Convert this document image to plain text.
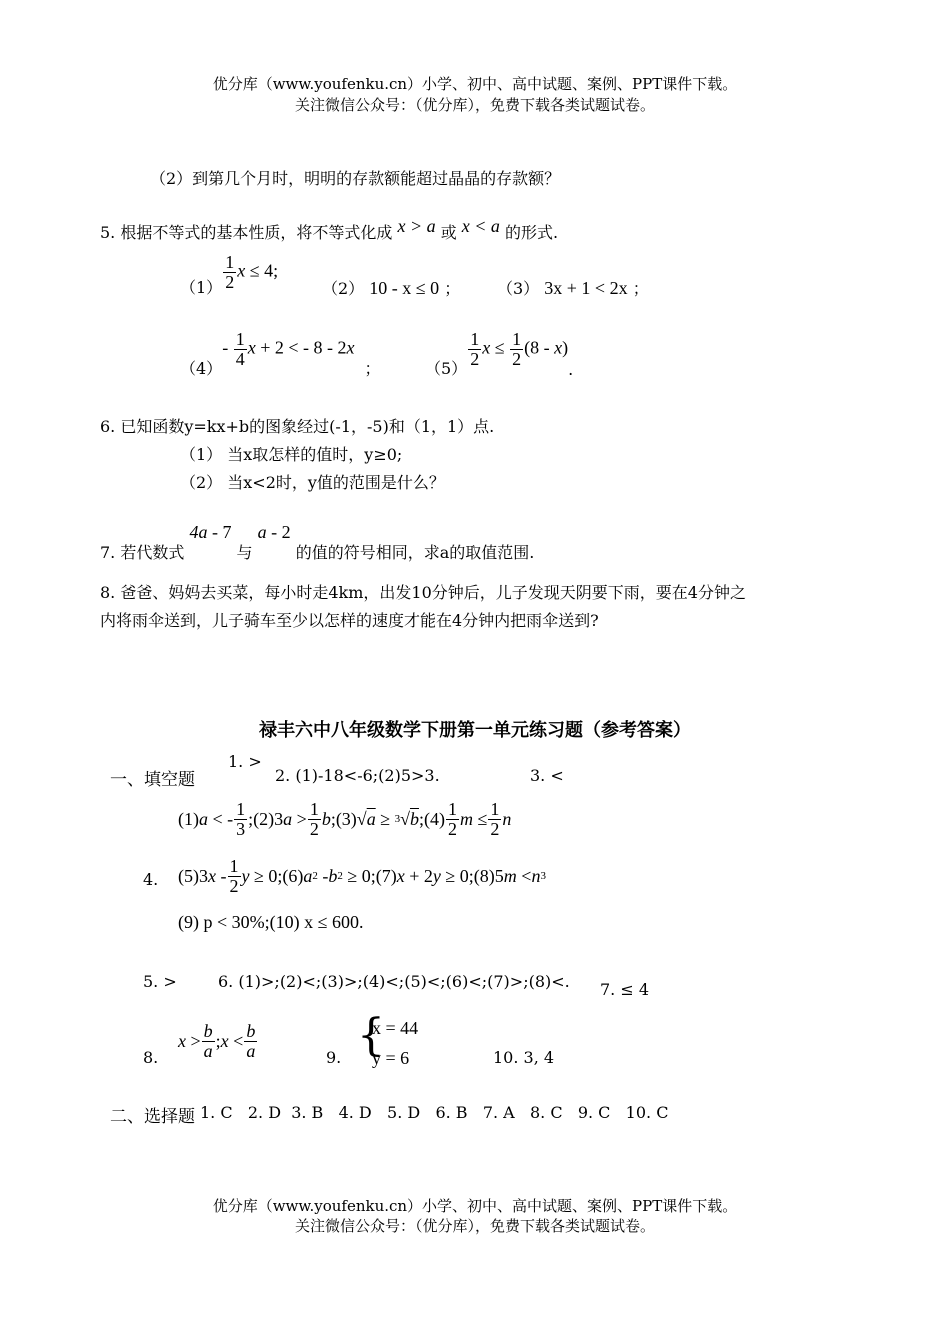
优分库（www.youfenku.cn）小学、初中、高中试题、案例、PPT课件下载。
关注微信公众号：（优分库），免费下载各类试题试卷。
（2）到第几个月时，明明的存款额能超过晶晶的存款额？
5. 根据不等式的基本性质，将不等式化成 x > a 或 x < a 的形式.
$(1) \frac{1}{2}$ x ≤ 4;
（2） 10 - x ≤ 0 ； （3） 3x + 1 < 2x ；
（4）
- $\frac{1}{4}$ x + 2 < - 8 - 2x
；	$(5) \frac{1}{2}$ $x \le \frac{1}{2} (8 - x)$
.
6. 已知函数y=kx+b的图象经过(-1，-5)和（1，1）点.
（1） 当x取怎样的值时，y≥0;
（2） 当x<2时，y值的范围是什么？
7. 若代数式 4a - 7 与 a - 2 的值的符号相同，求a的取值范围.
8. 爸爸、妈妈去买菜，每小时走4km，出发10分钟后，儿子发现天阴要下雨，要在4分钟之
内将雨伞送到，儿子骑车至少以怎样的速度才能在4分钟内把雨伞送到?
禄丰六中八年级数学下册第一单元练习题（参考答案）
一、填空题
1. >
2. (1)-18<-6;(2)5>3.	3. <
(1) a < - $\frac{1}{3}$ ;(2)3 $a > \frac{1}{2}$ b ;(3)√ a ≥ 3 √ b ;(4) $\frac{1}{2}$ $m \le \frac{1}{2}$ n
4. (5)3 x - $\frac{1}{2}$ y ≥ 0;(6) a 2 - b 2 ≥ 0;(7) x + 2 y ≥ 0;(8)5 m < n 3
(9) p < 30%;(10) x ≤ 600.
5. >	6. (1)>;(2)<;(3)>;(4)<;(5)<;(6)<;(7)>;(8)<. 7. ≤ 4
8.
$x > \frac{b}{a}$ ; $x < \frac{b}{a}$	9. {
x = 44
y = 6	10. 3, 4
二、选择题 1. C   2. D  3. B   4. D   5. D   6. B   7. A   8. C   9. C   10. C
优分库（www.youfenku.cn）小学、初中、高中试题、案例、PPT课件下载。
关注微信公众号：（优分库），免费下载各类试题试卷。
